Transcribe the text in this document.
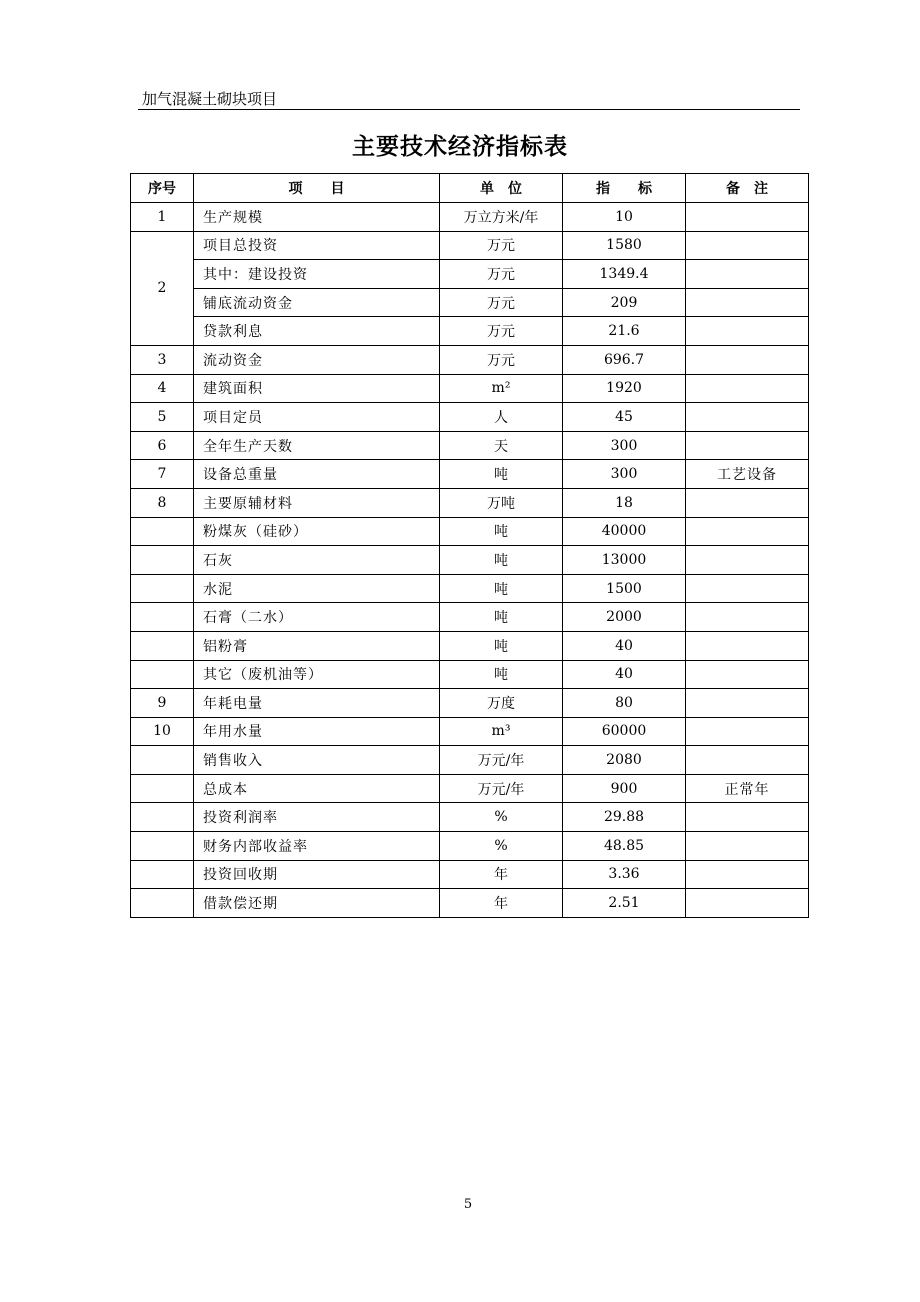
加气混凝土砌块项目
主要技术经济指标表
序号	项　　目	单　位	指　　标	备　注
1	生产规模	万立方米/年	10	
2	项目总投资	万元	1580	
	其中：建设投资	万元	1349.4	
	铺底流动资金	万元	209	
	贷款利息	万元	21.6	
3	流动资金	万元	696.7	
4	建筑面积	m²	1920	
5	项目定员	人	45	
6	全年生产天数	天	300	
7	设备总重量	吨	300	工艺设备
8	主要原辅材料	万吨	18	
	粉煤灰（硅砂）	吨	40000	
	石灰	吨	13000	
	水泥	吨	1500	
	石膏（二水）	吨	2000	
	铝粉膏	吨	40	
	其它（废机油等）	吨	40	
9	年耗电量	万度	80	
10	年用水量	m³	60000	
	销售收入	万元/年	2080	
	总成本	万元/年	900	正常年
	投资利润率	%	29.88	
	财务内部收益率	%	48.85	
	投资回收期	年	3.36	
	借款偿还期	年	2.51	
5
